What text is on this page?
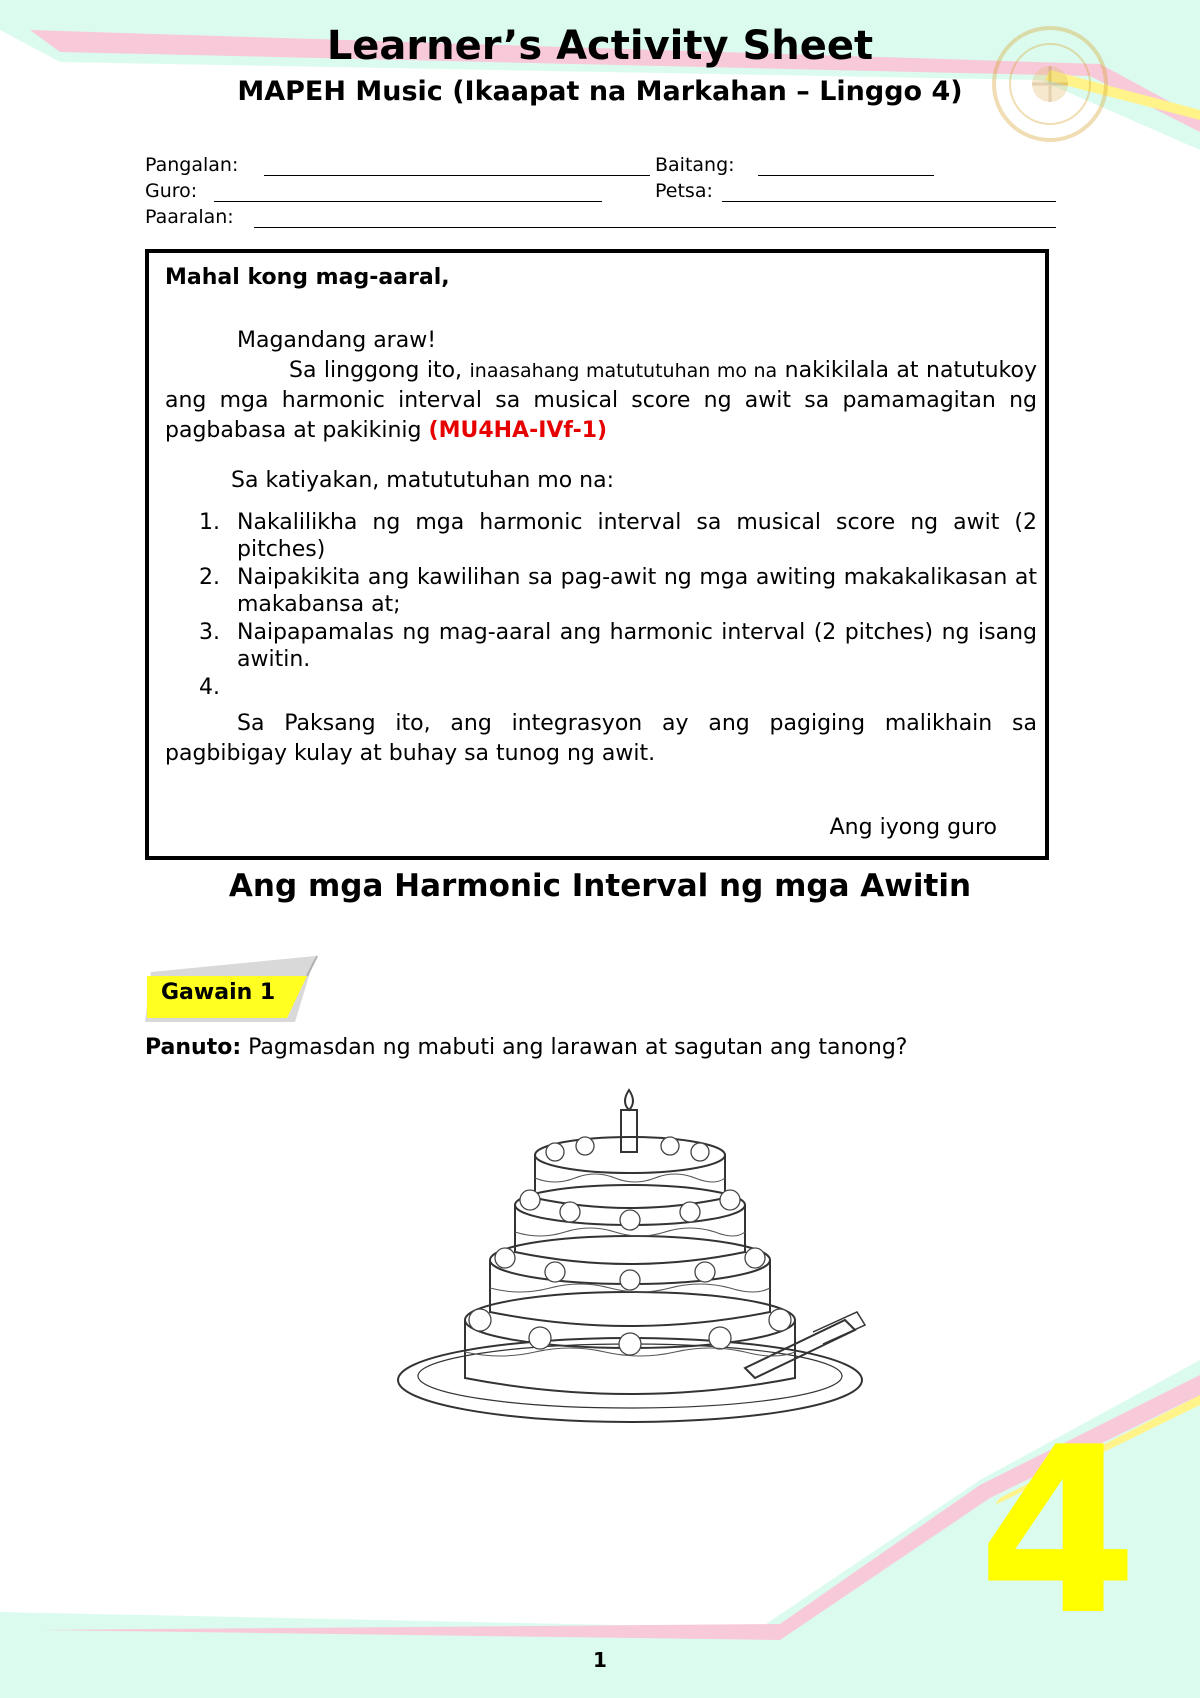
Learner’s Activity Sheet
MAPEH Music (Ikaapat na Markahan – Linggo 4)
Pangalan:	Baitang:
Guro:	Petsa:
Paaralan:

Mahal kong mag-aaral,

Magandang araw!

Sa linggong ito, inaasahang matututuhan mo na nakikilala at natutukoy ang mga harmonic interval sa musical score ng awit sa pamamagitan ng pagbabasa at pakikinig (MU4HA-IVf-1)

Sa katiyakan, matututuhan mo na:

1. Nakalilikha ng mga harmonic interval sa musical score ng awit (2 pitches)
2. Naipakikita ang kawilihan sa pag-awit ng mga awiting makakalikasan at makabansa at;
3. Naipapamalas ng mag-aaral ang harmonic interval (2 pitches) ng isang awitin.
4.

Sa Paksang ito, ang integrasyon ay ang pagiging malikhain sa pagbibigay kulay at buhay sa tunog ng awit.

Ang iyong guro

Ang mga Harmonic Interval ng mga Awitin
Gawain 1

Panuto: Pagmasdan ng mabuti ang larawan at sagutan ang tanong?

4
1
